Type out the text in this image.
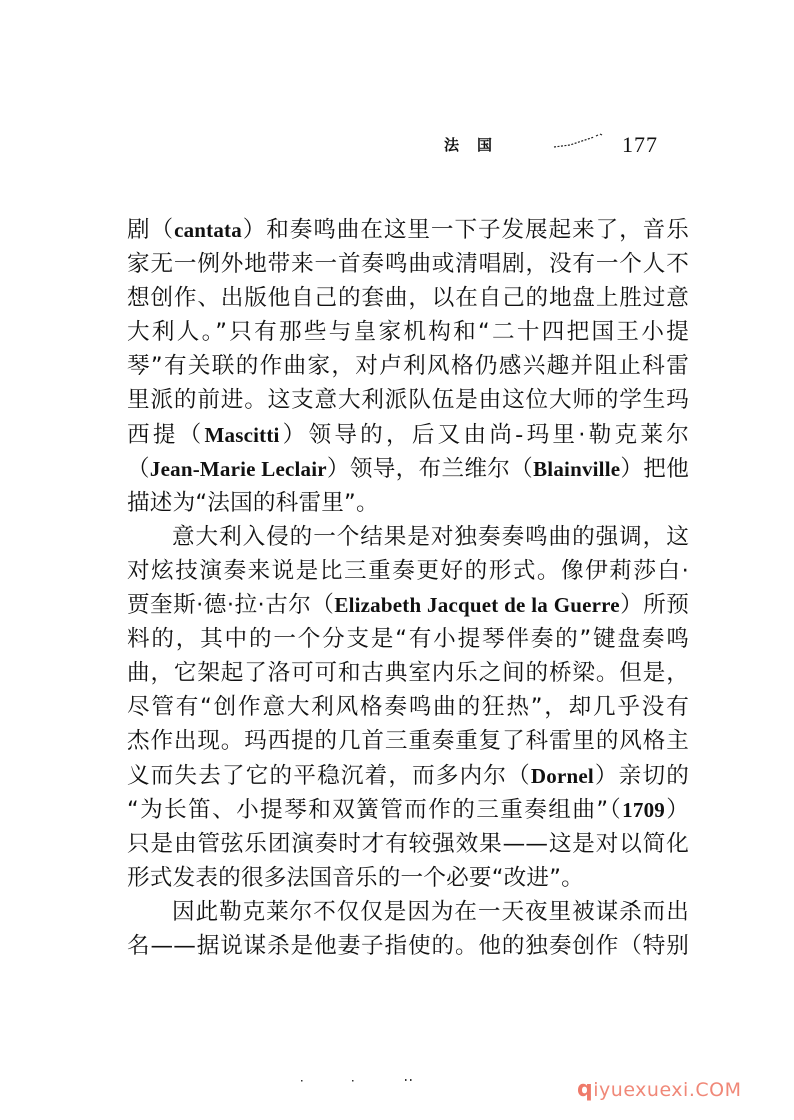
法国	177

剧（cantata）和奏鸣曲在这里一下子发展起来了，音乐
家无一例外地带来一首奏鸣曲或清唱剧，没有一个人不
想创作、出版他自己的套曲，以在自己的地盘上胜过意
大利人。”只有那些与皇家机构和“二十四把国王小提
琴”有关联的作曲家，对卢利风格仍感兴趣并阻止科雷
里派的前进。这支意大利派队伍是由这位大师的学生玛
西提（Mascitti）领导的，后又由尚-玛里·勒克莱尔
（Jean-Marie Leclair）领导，布兰维尔（Blainville）把他
描述为“法国的科雷里”。

意大利入侵的一个结果是对独奏奏鸣曲的强调，这
对炫技演奏来说是比三重奏更好的形式。像伊莉莎白·
贾奎斯·德·拉·古尔（Elizabeth Jacquet de la Guerre）所预
料的，其中的一个分支是“有小提琴伴奏的”键盘奏鸣
曲，它架起了洛可可和古典室内乐之间的桥梁。但是，
尽管有“创作意大利风格奏鸣曲的狂热”，却几乎没有
杰作出现。玛西提的几首三重奏重复了科雷里的风格主
义而失去了它的平稳沉着，而多内尔（Dornel）亲切的
“为长笛、小提琴和双簧管而作的三重奏组曲”（1709）
只是由管弦乐团演奏时才有较强效果——这是对以简化
形式发表的很多法国音乐的一个必要“改进”。

因此勒克莱尔不仅仅是因为在一天夜里被谋杀而出
名——据说谋杀是他妻子指使的。他的独奏创作（特别

qiyuexuexi.COM
